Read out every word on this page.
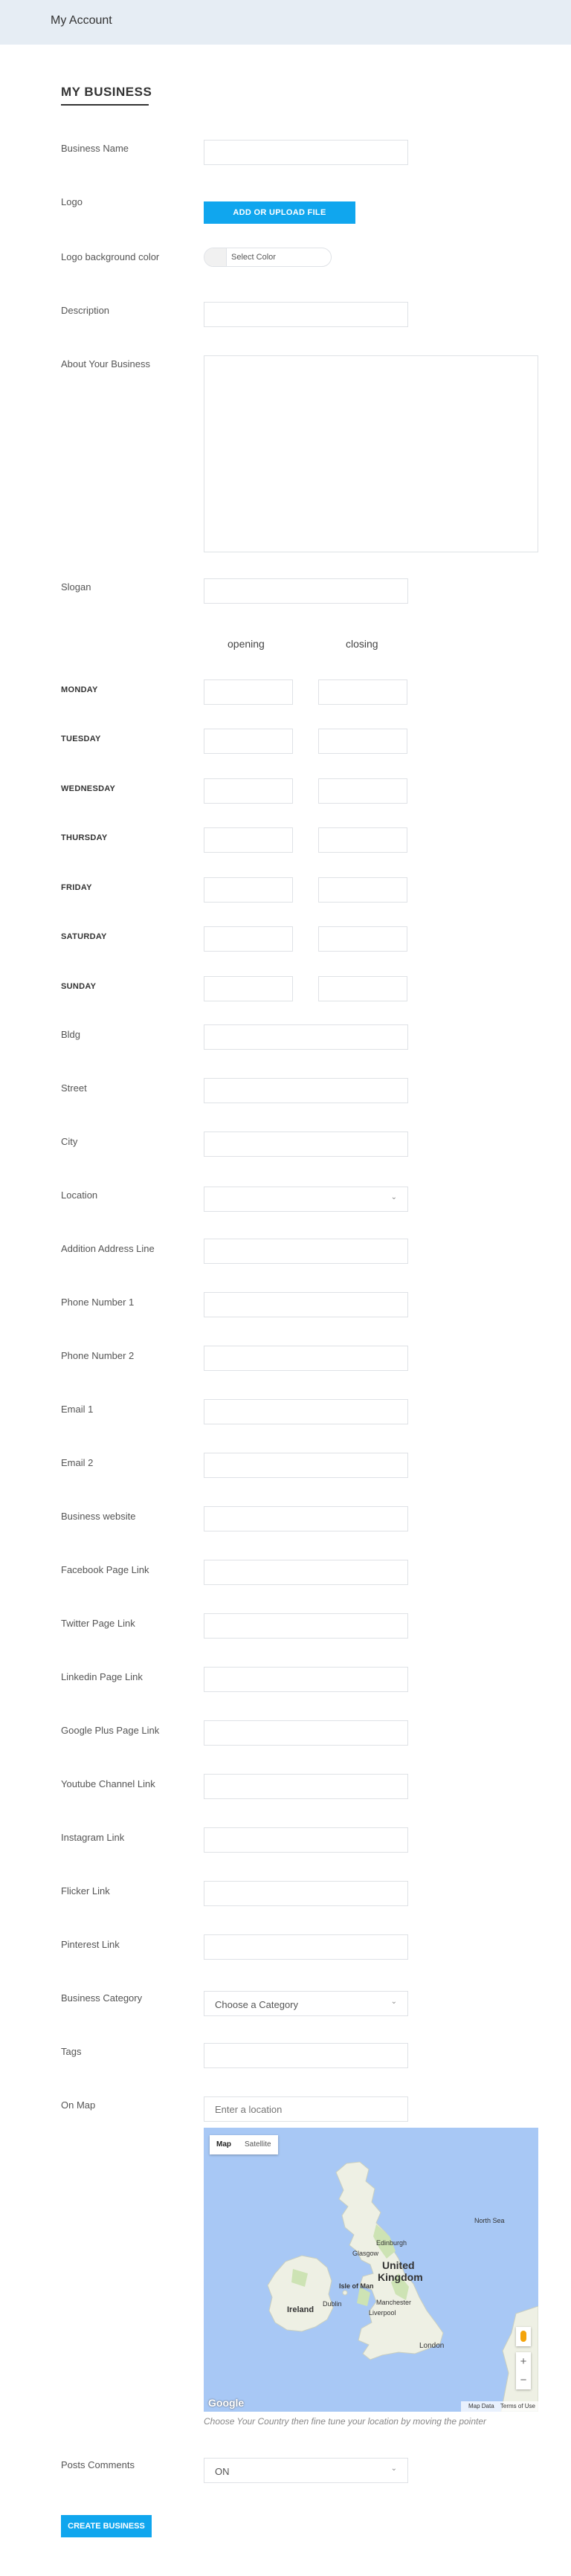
My Account
MY BUSINESS
Business Name
Logo
ADD OR UPLOAD FILE
Logo background color	Select Color
Description
About Your Business
Slogan
opening	closing
MONDAY
TUESDAY
WEDNESDAY
THURSDAY
FRIDAY
SATURDAY
SUNDAY
Bldg
Street
City
Location	⌄
Addition Address Line
Phone Number 1
Phone Number 2
Email 1
Email 2
Business website
Facebook Page Link
Twitter Page Link
Linkedin Page Link
Google Plus Page Link
Youtube Channel Link
Instagram Link
Flicker Link
Pinterest Link
Business Category
Choose a Category	⌄
Tags
On Map
Enter a location
Edinburgh
Glasgow
United
Kingdom
Isle of Man
Ireland
Dublin	Manchester
Liverpool
London
North Sea
Map Satellite
+
−
Google	Map Data Terms of Use
Choose Your Country then fine tune your location by moving the pointer
Posts Comments
ON	⌄
CREATE BUSINESS
